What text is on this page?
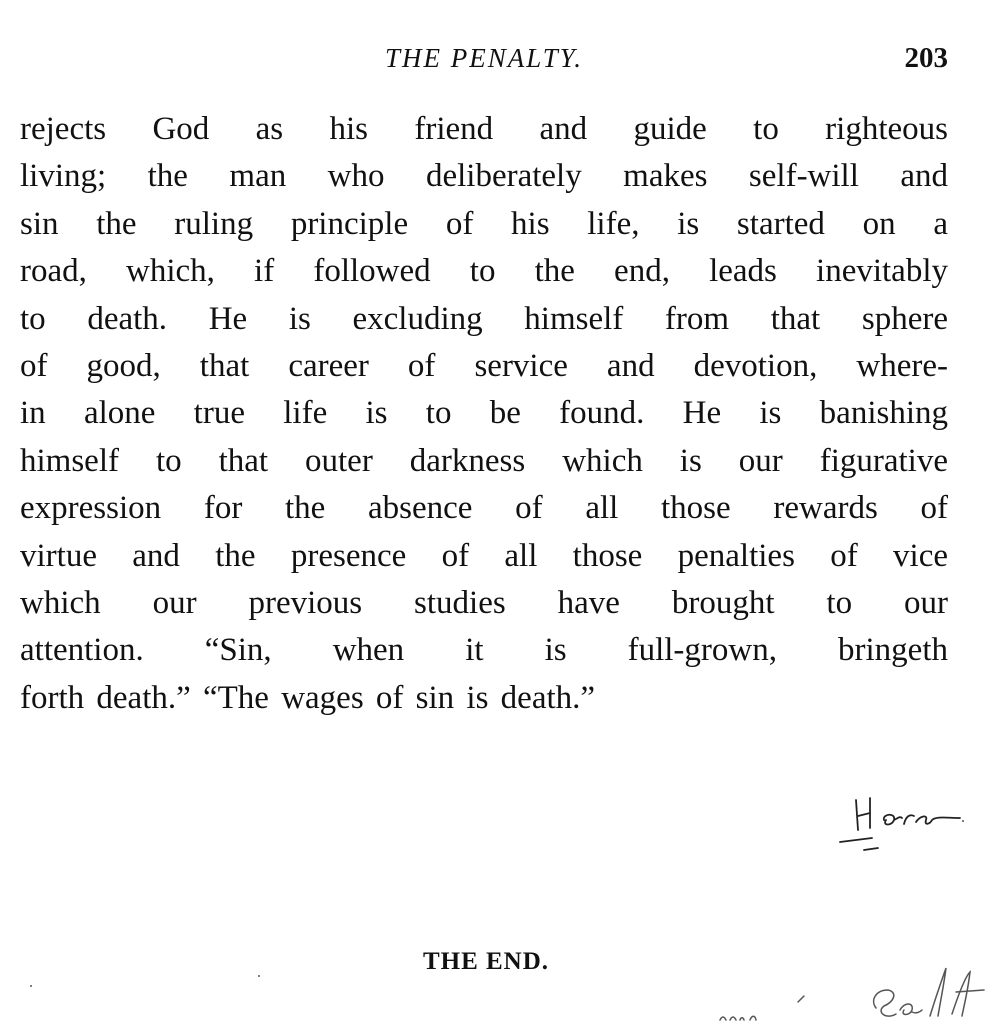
THE PENALTY.	203
rejects God as his friend and guide to righteous
living; the man who deliberately makes self-will and
sin the ruling principle of his life, is started on a
road, which, if followed to the end, leads inevitably
to death. He is excluding himself from that sphere
of good, that career of service and devotion, where-
in alone true life is to be found. He is banishing
himself to that outer darkness which is our figurative
expression for the absence of all those rewards of
virtue and the presence of all those penalties of vice
which our previous studies have brought to our
attention. “Sin, when it is full-grown, bringeth
forth death.” “The wages of sin is death.”
THE END.
